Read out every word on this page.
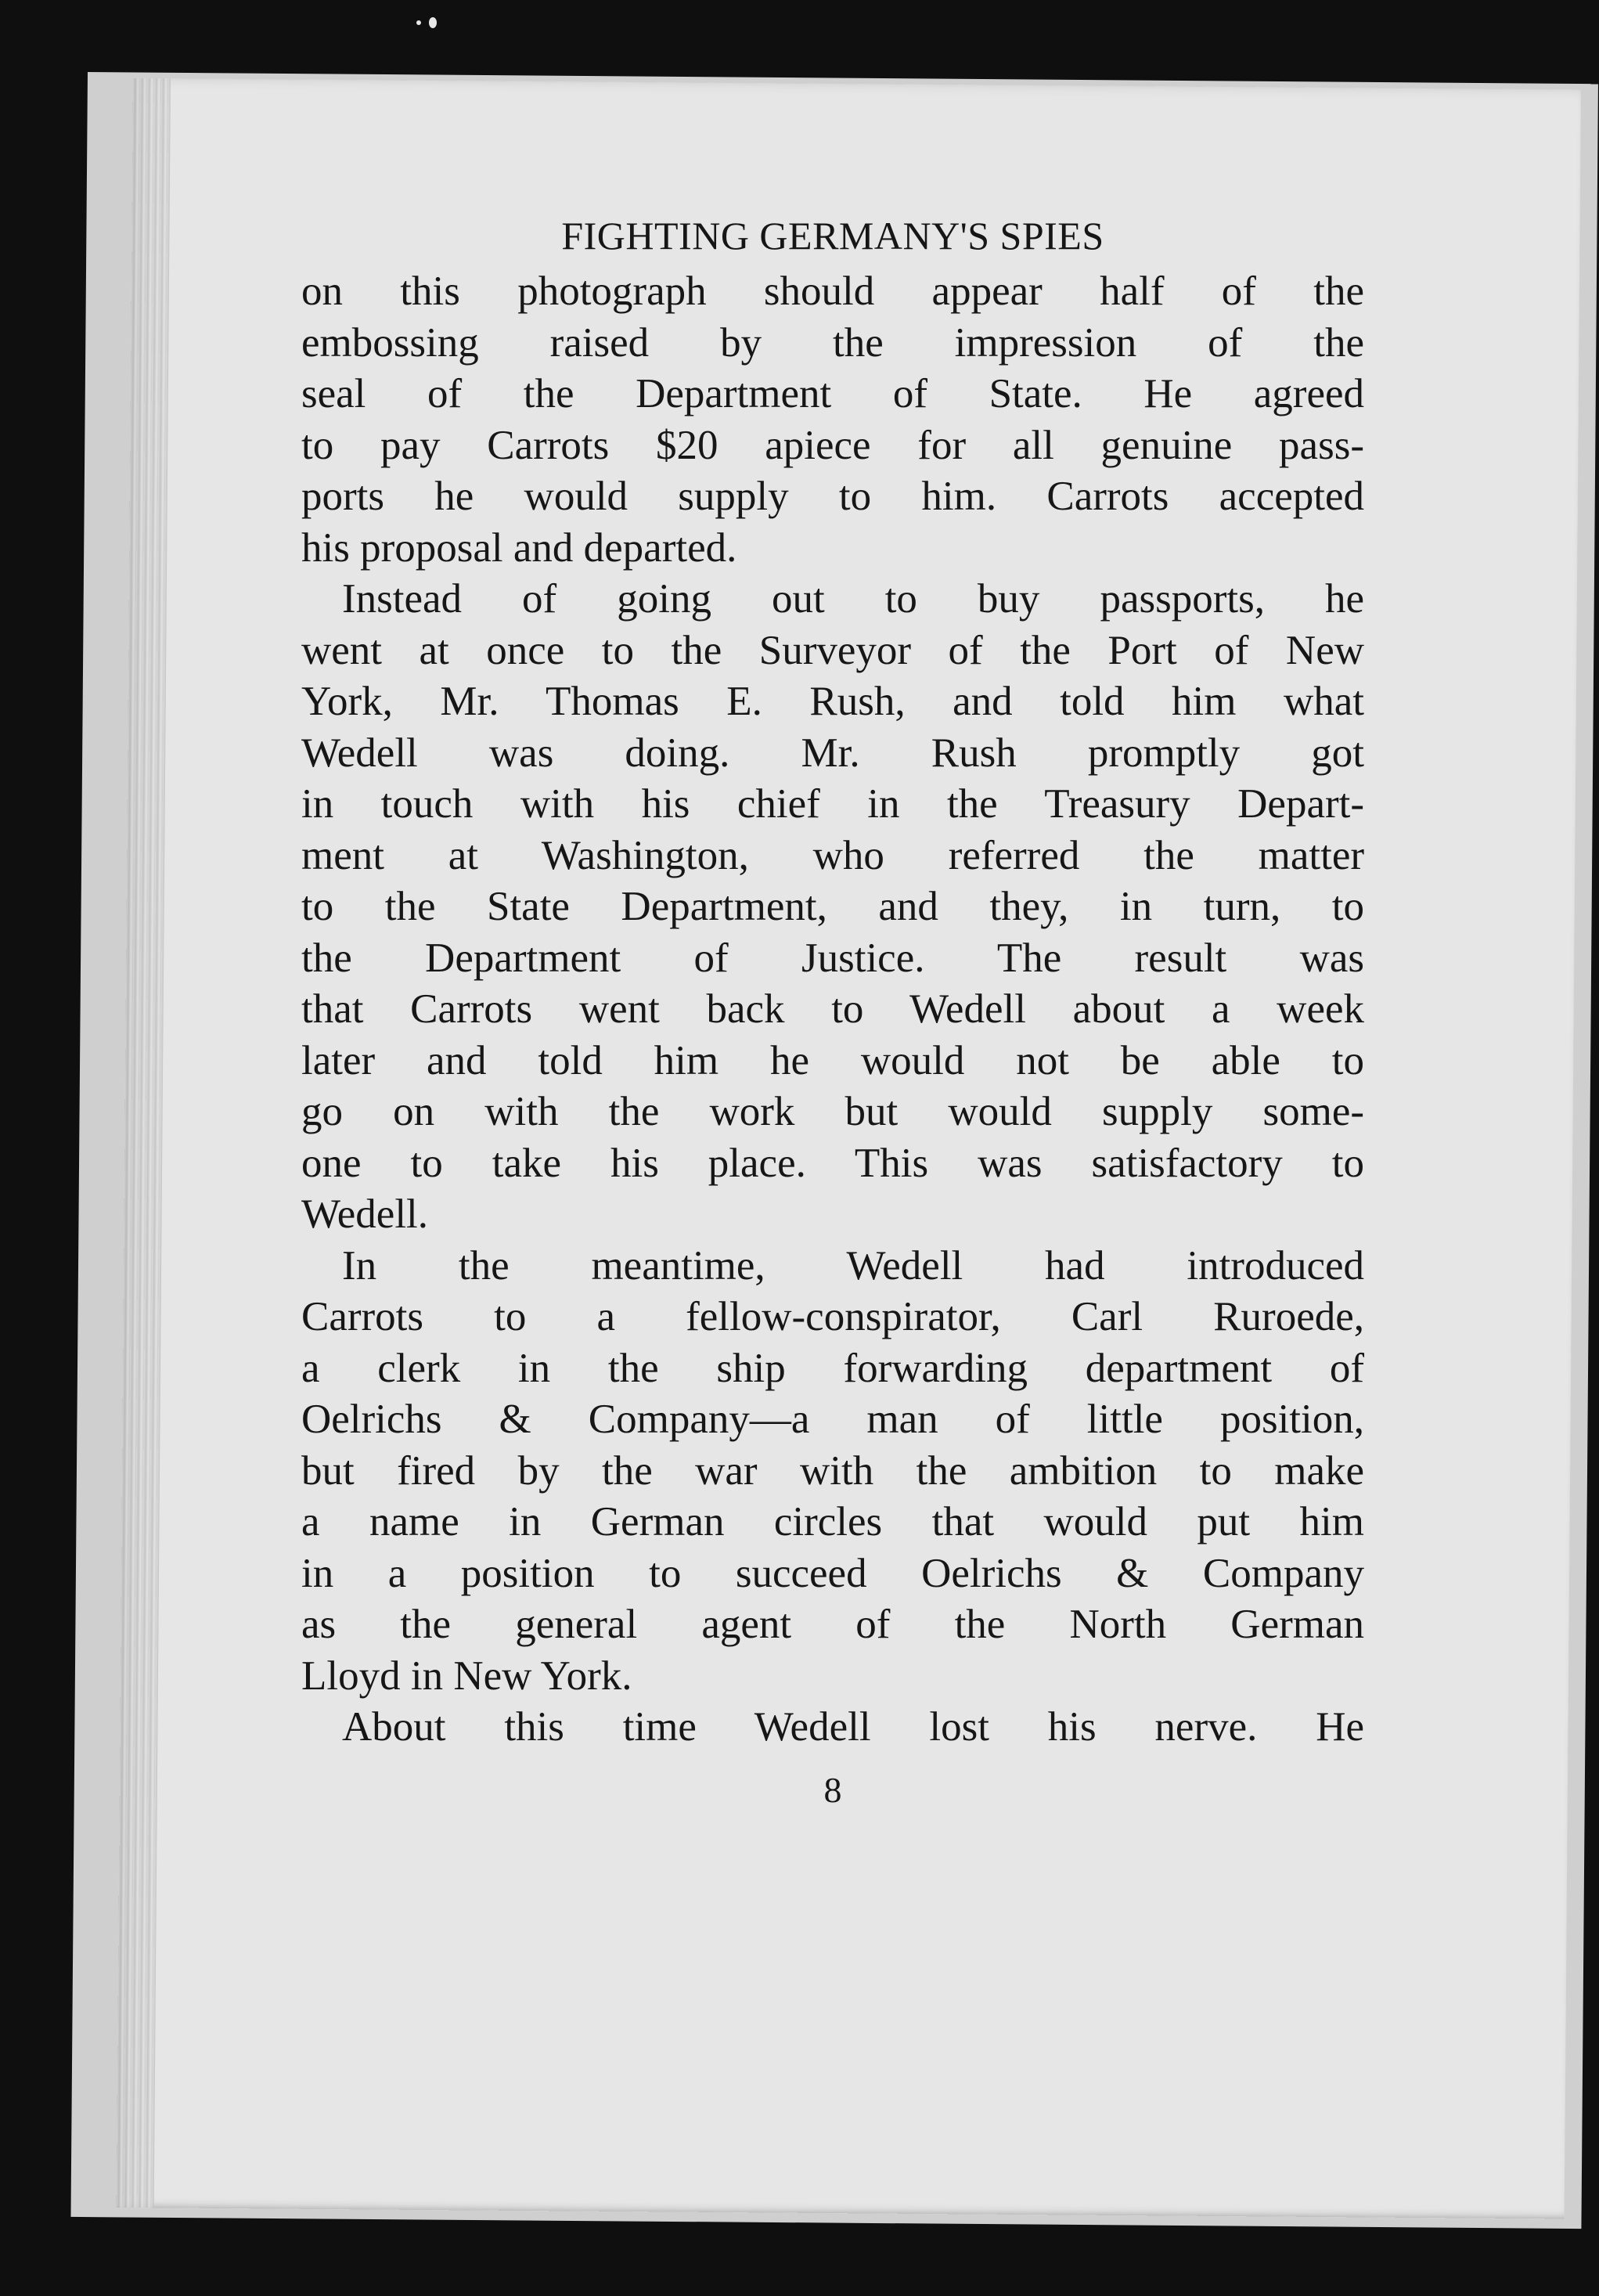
FIGHTING GERMANY'S SPIES
on this photograph should appear half of the
embossing raised by the impression of the
seal of the Department of State. He agreed
to pay Carrots $20 apiece for all genuine pass-
ports he would supply to him. Carrots accepted
his proposal and departed.
Instead of going out to buy passports, he
went at once to the Surveyor of the Port of New
York, Mr. Thomas E. Rush, and told him what
Wedell was doing. Mr. Rush promptly got
in touch with his chief in the Treasury Depart-
ment at Washington, who referred the matter
to the State Department, and they, in turn, to
the Department of Justice. The result was
that Carrots went back to Wedell about a week
later and told him he would not be able to
go on with the work but would supply some-
one to take his place. This was satisfactory to
Wedell.
In the meantime, Wedell had introduced
Carrots to a fellow-conspirator, Carl Ruroede,
a clerk in the ship forwarding department of
Oelrichs & Company—a man of little position,
but fired by the war with the ambition to make
a name in German circles that would put him
in a position to succeed Oelrichs & Company
as the general agent of the North German
Lloyd in New York.
About this time Wedell lost his nerve. He
8
